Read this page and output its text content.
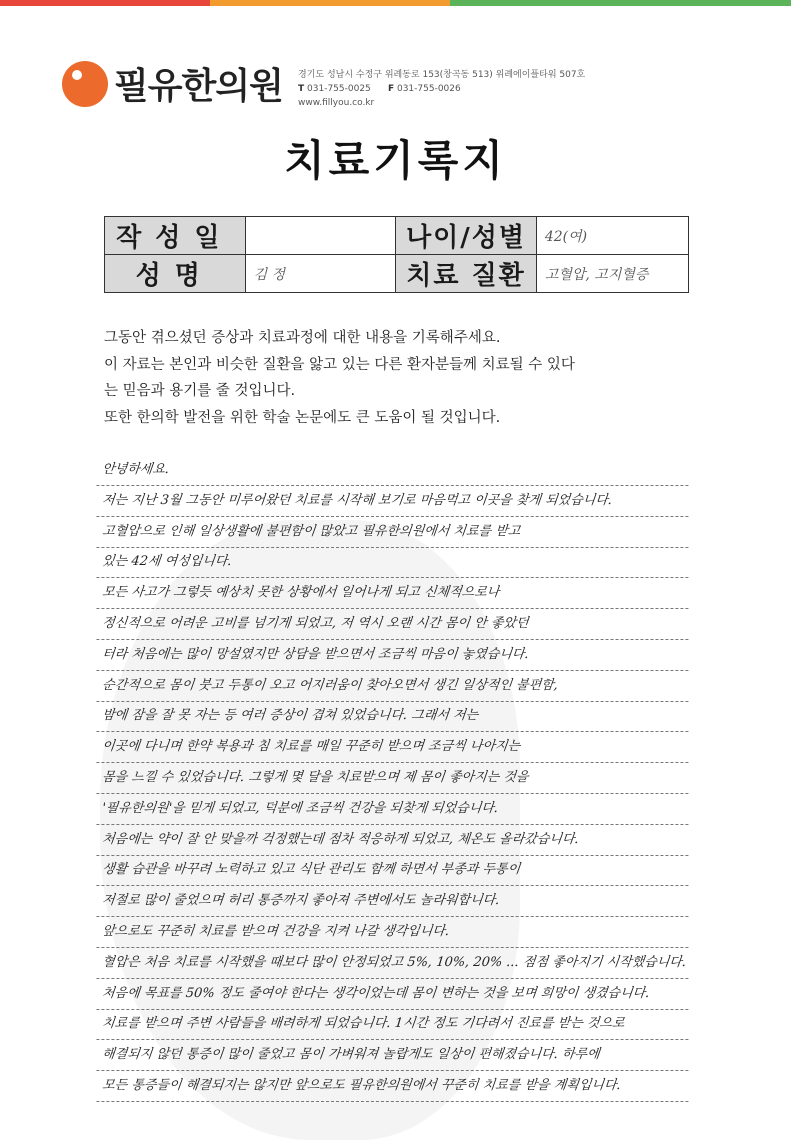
필유한의원 경기도 성남시 수정구 위례동로 153(창곡동 513) 위례에이플타워 507호
T 031-755-0025 F 031-755-0026
www.fillyou.co.kr
치료기록지
작성일		나이/성별	42(여)
성명	김 정	치료 질환	고혈압, 고지혈증

그동안 겪으셨던 증상과 치료과정에 대한 내용을 기록해주세요.

이 자료는 본인과 비슷한 질환을 앓고 있는 다른 환자분들께 치료될 수 있다

는 믿음과 용기를 줄 것입니다.

또한 한의학 발전을 위한 학술 논문에도 큰 도움이 될 것입니다.

안녕하세요.
저는 지난 3월 그동안 미루어왔던 치료를 시작해 보기로 마음먹고 이곳을 찾게 되었습니다.
고혈압으로 인해 일상생활에 불편함이 많았고 필유한의원에서 치료를 받고
있는 42세 여성입니다.
모든 사고가 그렇듯 예상치 못한 상황에서 일어나게 되고 신체적으로나
정신적으로 어려운 고비를 넘기게 되었고, 저 역시 오랜 시간 몸이 안 좋았던
터라 처음에는 많이 망설였지만 상담을 받으면서 조금씩 마음이 놓였습니다.
순간적으로 몸이 붓고 두통이 오고 어지러움이 찾아오면서 생긴 일상적인 불편함,
밤에 잠을 잘 못 자는 등 여러 증상이 겹쳐 있었습니다. 그래서 저는
이곳에 다니며 한약 복용과 침 치료를 매일 꾸준히 받으며 조금씩 나아지는
몸을 느낄 수 있었습니다. 그렇게 몇 달을 치료받으며 제 몸이 좋아지는 것을
'필유한의원'을 믿게 되었고, 덕분에 조금씩 건강을 되찾게 되었습니다.
처음에는 약이 잘 안 맞을까 걱정했는데 점차 적응하게 되었고, 체온도 올라갔습니다.
생활 습관을 바꾸려 노력하고 있고 식단 관리도 함께 하면서 부종과 두통이
저절로 많이 줄었으며 허리 통증까지 좋아져 주변에서도 놀라워합니다.
앞으로도 꾸준히 치료를 받으며 건강을 지켜 나갈 생각입니다.
혈압은 처음 치료를 시작했을 때보다 많이 안정되었고 5%, 10%, 20% ... 점점 좋아지기 시작했습니다.
처음에 목표를 50% 정도 줄여야 한다는 생각이었는데 몸이 변하는 것을 보며 희망이 생겼습니다.
치료를 받으며 주변 사람들을 배려하게 되었습니다. 1시간 정도 기다려서 진료를 받는 것으로
해결되지 않던 통증이 많이 줄었고 몸이 가벼워져 놀랍게도 일상이 편해졌습니다. 하루에
모든 통증들이 해결되지는 않지만 앞으로도 필유한의원에서 꾸준히 치료를 받을 계획입니다.
